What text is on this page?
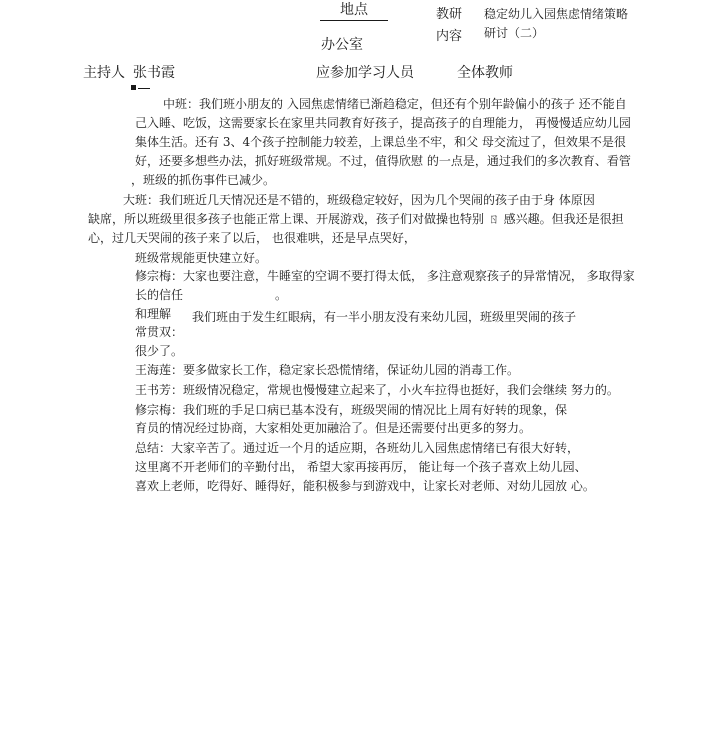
地点
办公室
教研
内容
稳定幼儿入园焦虑情绪策略
研讨（二）
主持人 张书霞	应参加学习人员	全体教师
中班：我们班小朋友的 入园焦虑情绪已渐趋稳定，但还有个别年龄偏小的孩子 还不能自
己入睡、吃饭，这需要家长在家里共同教育好孩子，提高孩子的自理能力， 再慢慢适应幼儿园
集体生活。还有 3、4个孩子控制能力较差，上课总坐不牢，和父 母交流过了，但效果不是很
好，还要多想些办法，抓好班级常规。不过，值得欣慰 的一点是，通过我们的多次教育、看管
，班级的抓伤事件已减少。
大班：我们班近几天情况还是不错的，班级稳定较好，因为几个哭闹的孩子由于身 体原因
缺席，所以班级里很多孩子也能正常上课、开展游戏，孩子们对做操也特别 ㄖ 感兴趣。但我还是很担
心，过几天哭闹的孩子来了以后， 也很难哄，还是早点哭好，
班级常规能更快建立好。
修宗梅：大家也要注意，牛睡室的空调不要打得太低， 多注意观察孩子的异常情况， 多取得家
长的信任	。
和理解 我们班由于发生红眼病，有一半小朋友没有来幼儿园，班级里哭闹的孩子
常贯双：
很少了。
王海莲：要多做家长工作，稳定家长恐慌情绪，保证幼儿园的消毒工作。
王书芳：班级情况稳定，常规也慢慢建立起来了，小火车拉得也挺好，我们会继续 努力的。
修宗梅：我们班的手足口病已基本没有，班级哭闹的情况比上周有好转的现象，保
育员的情况经过协商，大家相处更加融洽了。但是还需要付出更多的努力。
总结：大家辛苦了。通过近一个月的适应期，各班幼儿入园焦虑情绪已有很大好转，
这里离不开老师们的辛勤付出， 希望大家再接再厉， 能让每一个孩子喜欢上幼儿园、
喜欢上老师，吃得好、睡得好，能积极参与到游戏中，让家长对老师、对幼儿园放 心。
